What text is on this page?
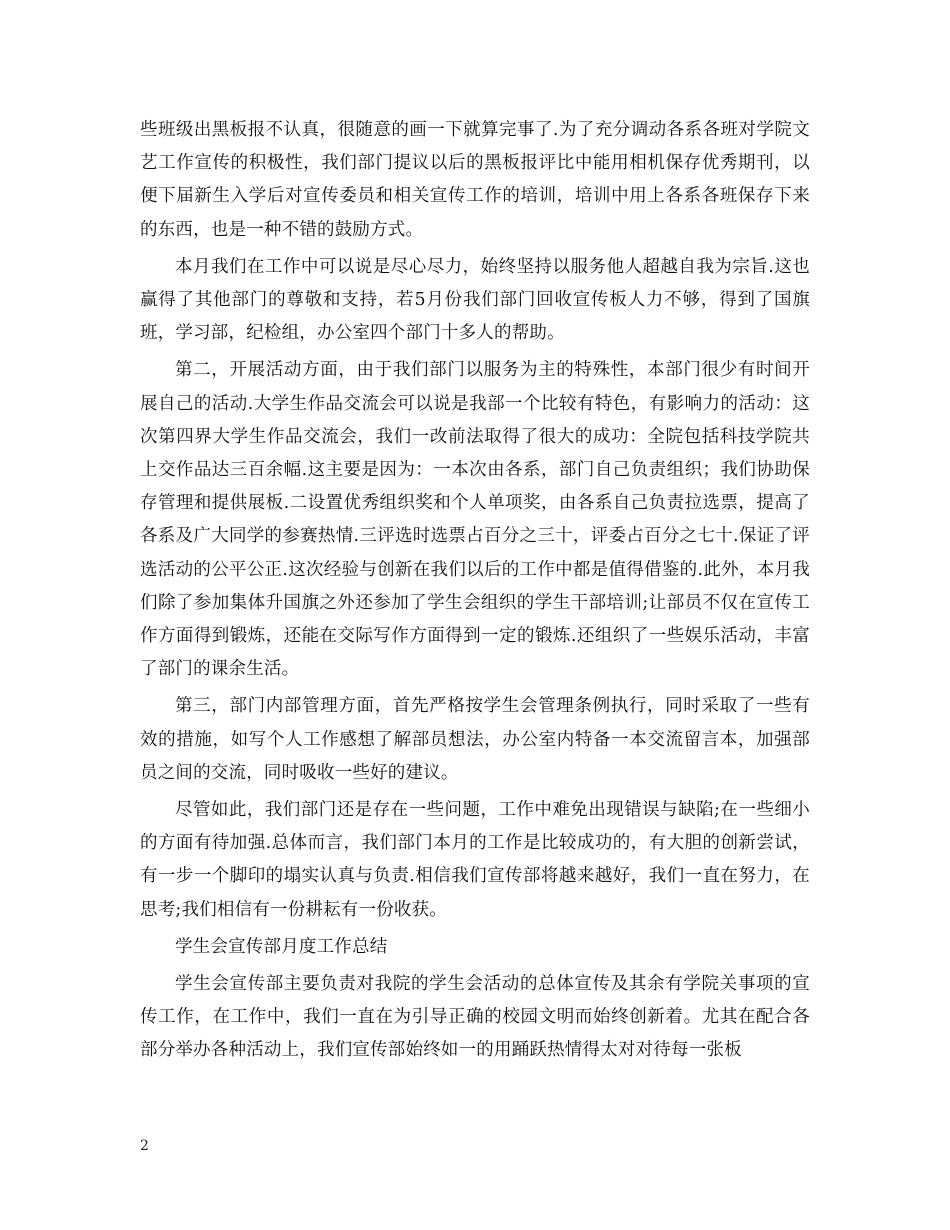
些班级出黑板报不认真，很随意的画一下就算完事了.为了充分调动各系各班对学院文艺工作宣传的积极性，我们部门提议以后的黑板报评比中能用相机保存优秀期刊，以便下届新生入学后对宣传委员和相关宣传工作的培训，培训中用上各系各班保存下来的东西，也是一种不错的鼓励方式。

本月我们在工作中可以说是尽心尽力，始终坚持以服务他人超越自我为宗旨.这也赢得了其他部门的尊敬和支持，若5月份我们部门回收宣传板人力不够，得到了国旗班，学习部，纪检组，办公室四个部门十多人的帮助。

第二，开展活动方面，由于我们部门以服务为主的特殊性，本部门很少有时间开展自己的活动.大学生作品交流会可以说是我部一个比较有特色，有影响力的活动：这次第四界大学生作品交流会，我们一改前法取得了很大的成功：全院包括科技学院共上交作品达三百余幅.这主要是因为：一本次由各系，部门自己负责组织；我们协助保存管理和提供展板.二设置优秀组织奖和个人单项奖，由各系自己负责拉选票，提高了各系及广大同学的参赛热情.三评选时选票占百分之三十，评委占百分之七十.保证了评选活动的公平公正.这次经验与创新在我们以后的工作中都是值得借鉴的.此外，本月我们除了参加集体升国旗之外还参加了学生会组织的学生干部培训;让部员不仅在宣传工作方面得到锻炼，还能在交际写作方面得到一定的锻炼.还组织了一些娱乐活动，丰富了部门的课余生活。

第三，部门内部管理方面，首先严格按学生会管理条例执行，同时采取了一些有效的措施，如写个人工作感想了解部员想法，办公室内特备一本交流留言本，加强部员之间的交流，同时吸收一些好的建议。

尽管如此，我们部门还是存在一些问题，工作中难免出现错误与缺陷;在一些细小的方面有待加强.总体而言，我们部门本月的工作是比较成功的，有大胆的创新尝试，有一步一个脚印的塌实认真与负责.相信我们宣传部将越来越好，我们一直在努力，在思考;我们相信有一份耕耘有一份收获。

学生会宣传部月度工作总结

学生会宣传部主要负责对我院的学生会活动的总体宣传及其余有学院关事项的宣传工作，在工作中，我们一直在为引导正确的校园文明而始终创新着。尤其在配合各部分举办各种活动上，我们宣传部始终如一的用踊跃热情得太对对待每一张板

2
